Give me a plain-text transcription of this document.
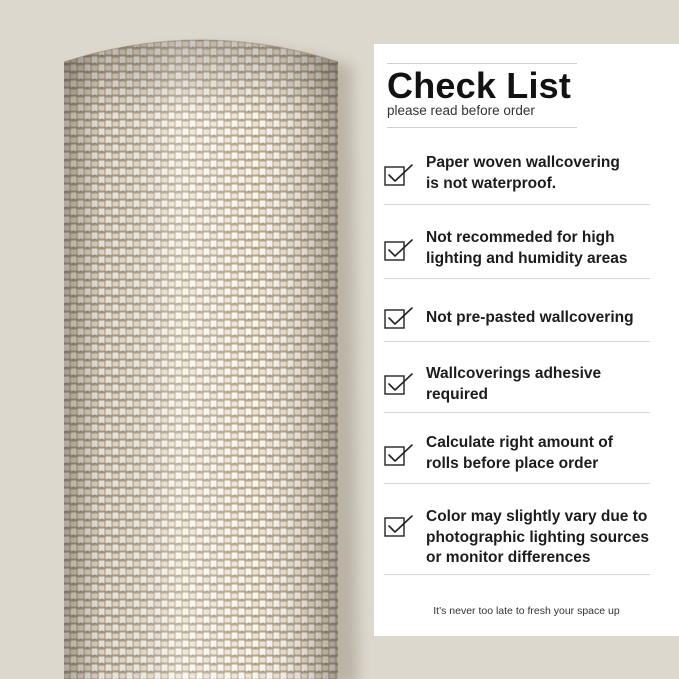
Check List
please read before order
Paper woven wallcovering
is not waterproof.
Not recommeded for high
lighting and humidity areas
Not pre-pasted wallcovering
Wallcoverings adhesive
required
Calculate right amount of
rolls before place order
Color may slightly vary due to
photographic lighting sources
or monitor differences
It's never too late to fresh your space up
